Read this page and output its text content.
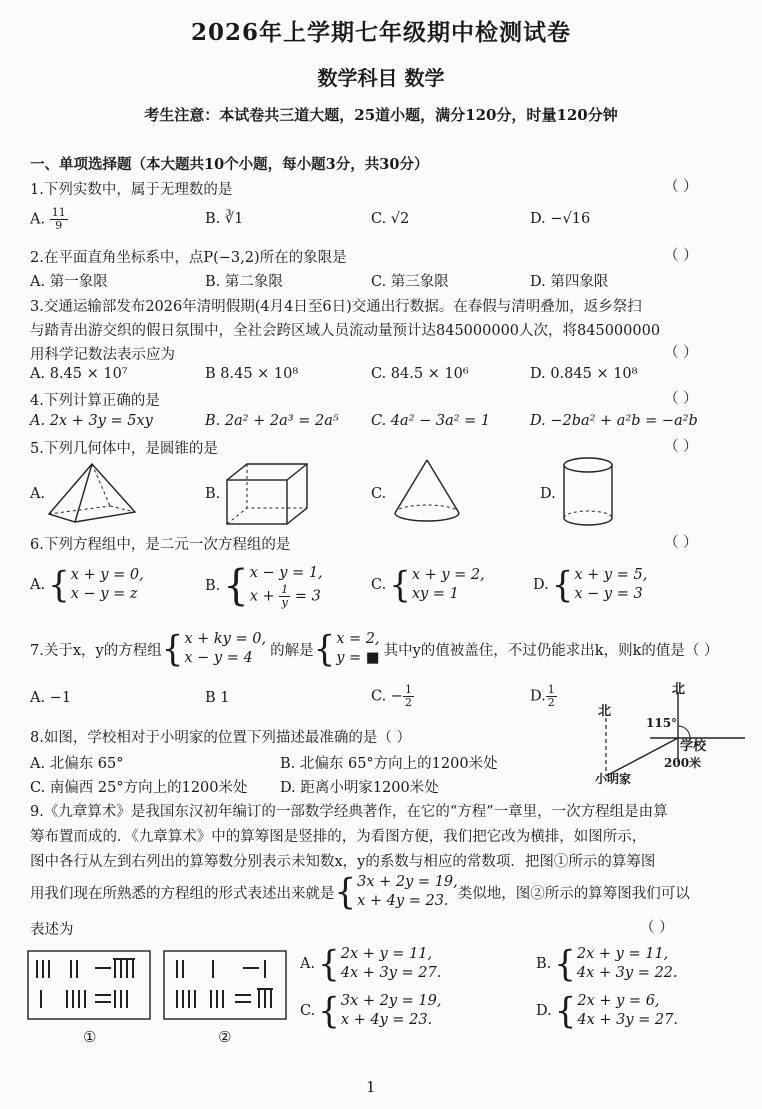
2026年上学期七年级期中检测试卷
数学科目 数学
考生注意：本试卷共三道大题，25道小题，满分120分，时量120分钟
一、单项选择题（本大题共10个小题，每小题3分，共30分）
1.下列实数中，属于无理数的是	（ ）
A. $\frac{11}{9}$	B. ∛1	C. √2	D. −√16
2.在平面直角坐标系中，点P(−3,2)所在的象限是	（ ）
A. 第一象限	B. 第二象限	C. 第三象限	D. 第四象限
3.交通运输部发布2026年清明假期(4月4日至6日)交通出行数据。在春假与清明叠加，返乡祭扫
与踏青出游交织的假日氛围中，全社会跨区域人员流动量预计达845000000人次，将845000000
用科学记数法表示应为	（ ）
A. 8.45 × 10⁷	B 8.45 × 10⁸	C. 84.5 × 10⁶	D. 0.845 × 10⁸
4.下列计算正确的是	（ ）
A. 2x + 3y = 5xy	B. 2a² + 2a³ = 2a⁵ C. 4a² − 3a² = 1	D. −2ba² + a²b = −a²b
5.下列几何体中，是圆锥的是	（ ）
A.	B.	C.	D.
6.下列方程组中，是二元一次方程组的是	（ ）
A. { x + y = 0,
x − y = z
B. { x − y = 1,
$x + \frac{1}{y} = 3$
C. { x + y = 2,
xy = 1
D. { x + y = 5,
x − y = 3
7.关于x，y的方程组 { x + ky = 0,
x − y = 4	的解是 { x = 2,
y = ■ 其中y的值被盖住，不过仍能求出k，则k的值是（ ）
A. −1	B 1	C. − $\frac{1}{2}$	D. $\frac{1}{2}$
8.如图，学校相对于小明家的位置下列描述最准确的是（ ）
A. 北偏东 65°	B. 北偏东 65°方向上的1200米处
C. 南偏西 25°方向上的1200米处 D. 距离小明家1200米处
北
北
115°
学校
200米
小明家
9.《九章算术》是我国东汉初年编订的一部数学经典著作，在它的“方程”一章里，一次方程组是由算
筹布置而成的．《九章算术》中的算筹图是竖排的，为看图方便，我们把它改为横排，如图所示，
图中各行从左到右列出的算筹数分别表示未知数x，y的系数与相应的常数项．把图①所示的算筹图
用我们现在所熟悉的方程组的形式表述出来就是 { 3x + 2y = 19,
x + 4y = 23. 类似地，图②所示的算筹图我们可以
表述为	（ ）
①	②
A. { 2x + y = 11,
4x + 3y = 27.
B. { 2x + y = 11,
4x + 3y = 22.
C. { 3x + 2y = 19,
x + 4y = 23.
D. { 2x + y = 6,
4x + 3y = 27.
1
